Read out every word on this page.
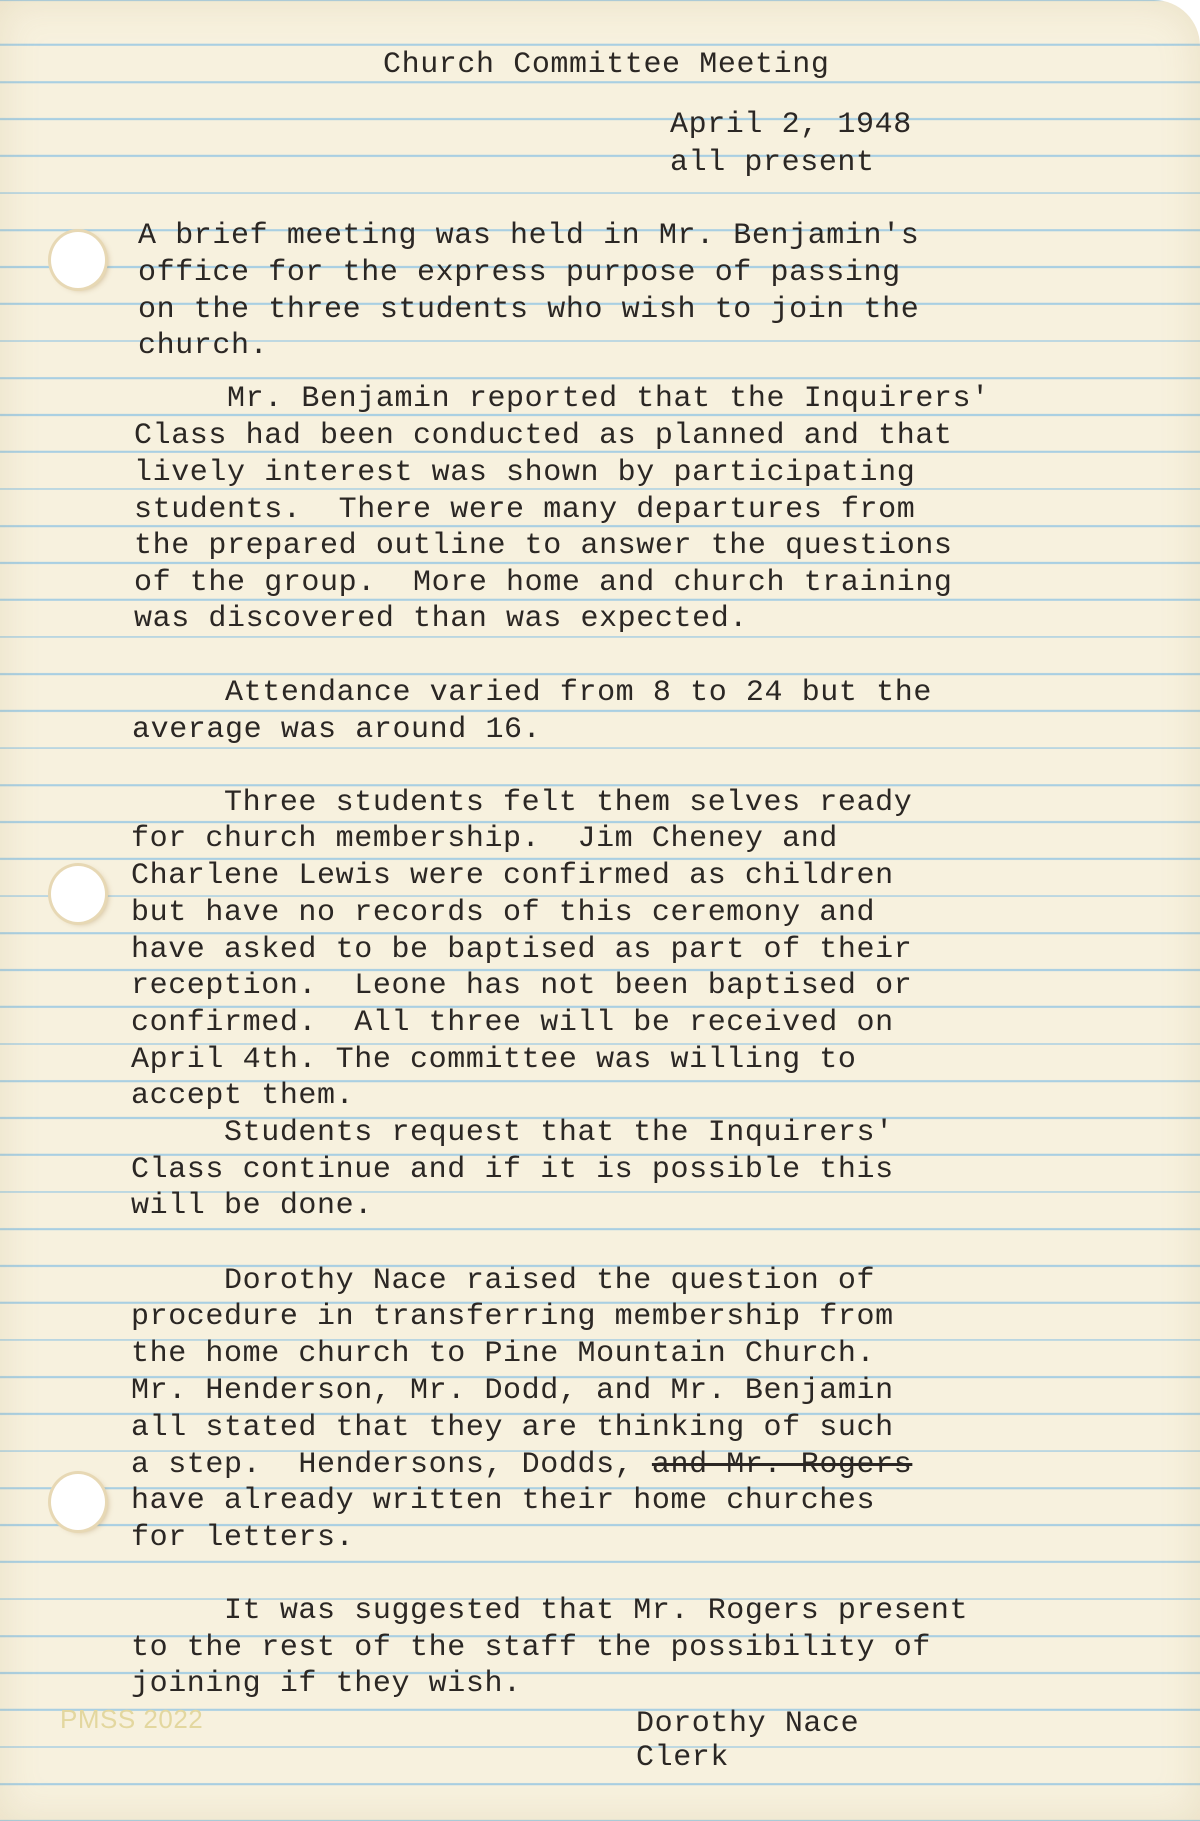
Church Committee Meeting
April 2, 1948
all present
A brief meeting was held in Mr. Benjamin's
office for the express purpose of passing
on the three students who wish to join the
church.
Mr. Benjamin reported that the Inquirers'
Class had been conducted as planned and that
lively interest was shown by participating
students.  There were many departures from
the prepared outline to answer the questions
of the group.  More home and church training
was discovered than was expected.
Attendance varied from 8 to 24 but the
average was around 16.
Three students felt them selves ready
for church membership.  Jim Cheney and
Charlene Lewis were confirmed as children
but have no records of this ceremony and
have asked to be baptised as part of their
reception.  Leone has not been baptised or
confirmed.  All three will be received on
April 4th. The committee was willing to
accept them.
Students request that the Inquirers'
Class continue and if it is possible this
will be done.
Dorothy Nace raised the question of
procedure in transferring membership from
the home church to Pine Mountain Church.
Mr. Henderson, Mr. Dodd, and Mr. Benjamin
all stated that they are thinking of such
a step.  Hendersons, Dodds, and Mr. Rogers
have already written their home churches
for letters.
It was suggested that Mr. Rogers present
to the rest of the staff the possibility of
joining if they wish.
Dorothy Nace
Clerk
PMSS 2022
